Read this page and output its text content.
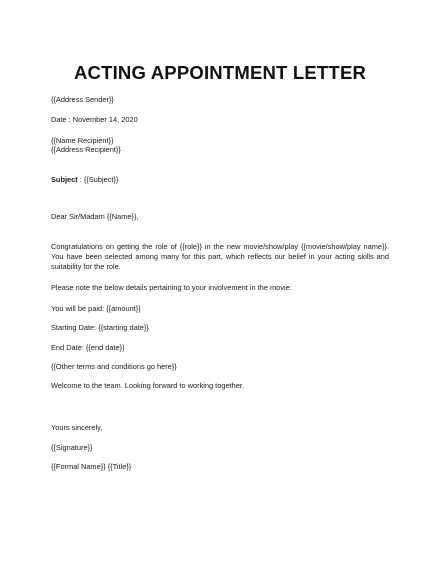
ACTING APPOINTMENT LETTER
{{Address Sender}}
Date : November 14, 2020
{{Name Recipient}}
{{Address Recipient}}
Subject : {{Subject}}
Dear Sir/Madam {{Name}},
Congratulations on getting the role of {{role}} in the new movie/show/play {{movie/show/play name}}. You have been selected among many for this part, which reflects our belief in your acting skills and suitability for the role.
Please note the below details pertaining to your involvement in the movie:
You will be paid: {{amount}}
Starting Date: {{starting date}}
End Date: {{end date}}
{{Other terms and conditions go here}}
Welcome to the team. Looking forward to working together.
Yours sincerely,
{{Signature}}
{{Formal Name}} {{Title}}
